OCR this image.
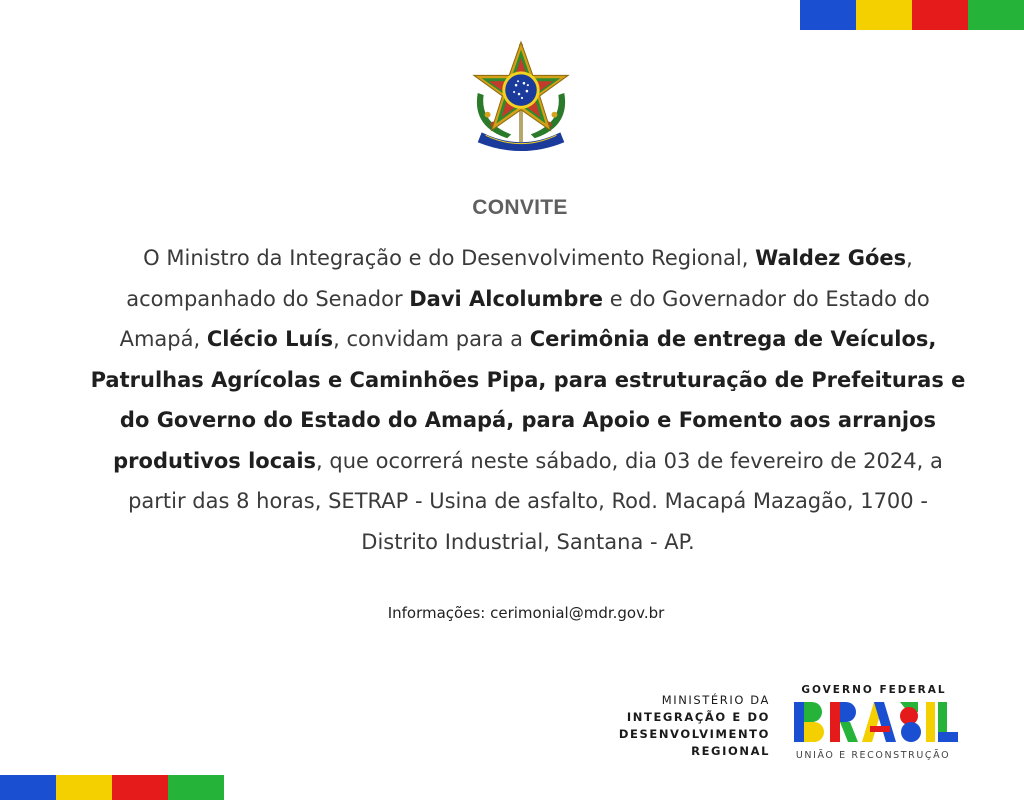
CONVITE
O Ministro da Integração e do Desenvolvimento Regional, Waldez Góes, acompanhado do Senador Davi Alcolumbre e do Governador do Estado do Amapá, Clécio Luís, convidam para a Cerimônia de entrega de Veículos, Patrulhas Agrícolas e Caminhões Pipa, para estruturação de Prefeituras e do Governo do Estado do Amapá, para Apoio e Fomento aos arranjos produtivos locais, que ocorrerá neste sábado, dia 03 de fevereiro de 2024, a partir das 8 horas, SETRAP - Usina de asfalto, Rod. Macapá Mazagão, 1700 - Distrito Industrial, Santana - AP.
Informações: cerimonial@mdr.gov.br
MINISTÉRIO DA
INTEGRAÇÃO E DO
DESENVOLVIMENTO
REGIONAL
GOVERNO FEDERAL
UNIÃO E RECONSTRUÇÃO
